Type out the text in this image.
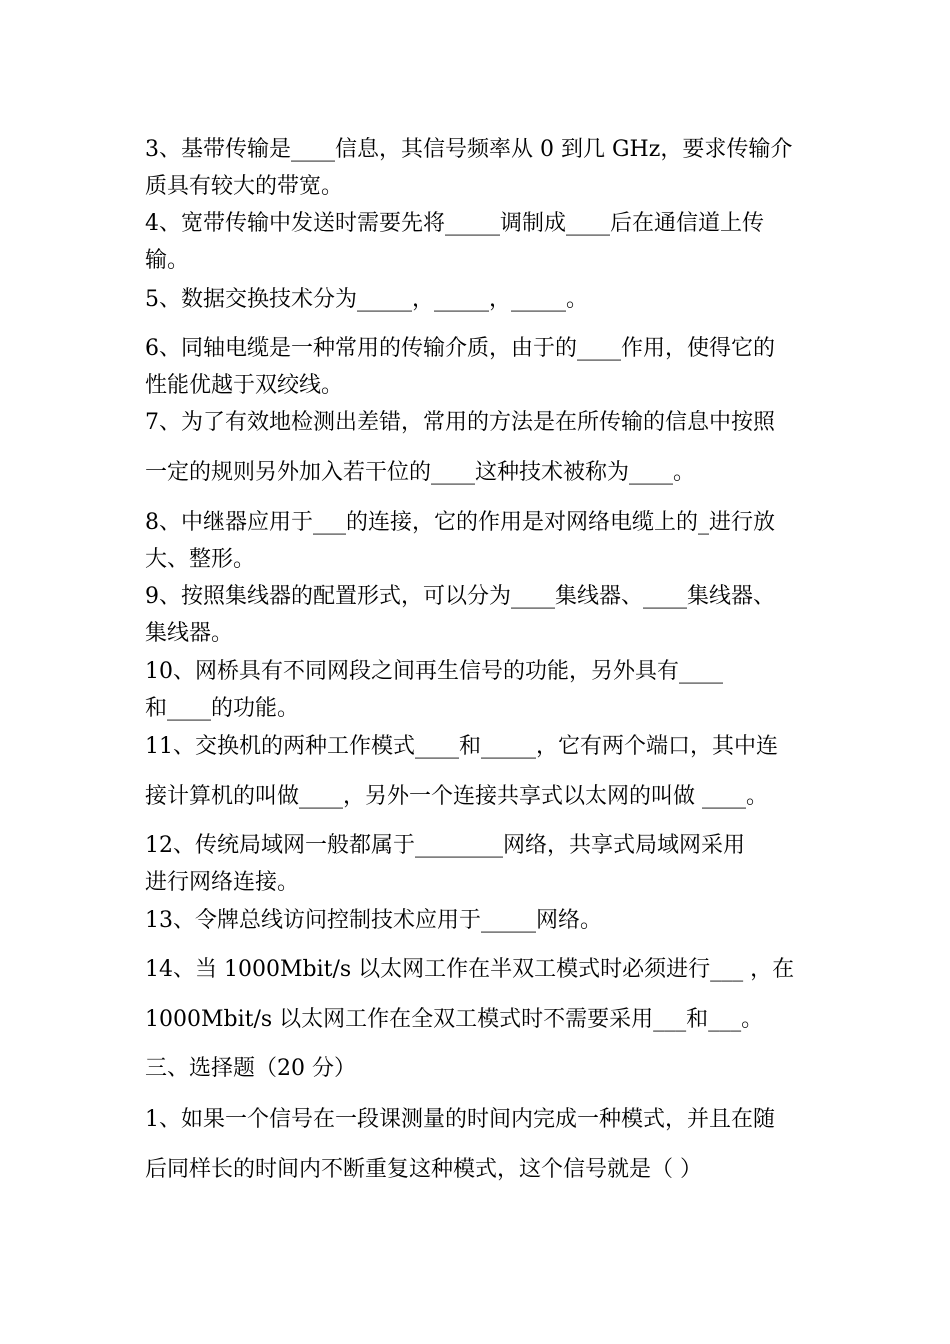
3、基带传输是____信息，其信号频率从 0 到几 GHz，要求传输介
质具有较大的带宽。
4、宽带传输中发送时需要先将_____调制成____后在通信道上传
输。
5、数据交换技术分为_____，_____，_____。
6、同轴电缆是一种常用的传输介质，由于的____作用，使得它的
性能优越于双绞线。
7、为了有效地检测出差错，常用的方法是在所传输的信息中按照
一定的规则另外加入若干位的____这种技术被称为____。
8、中继器应用于___的连接，它的作用是对网络电缆上的_进行放
大、整形。
9、按照集线器的配置形式，可以分为____集线器、____集线器、
集线器。
10、网桥具有不同网段之间再生信号的功能，另外具有____
和____的功能。
11、交换机的两种工作模式____和_____，它有两个端口，其中连
接计算机的叫做____，另外一个连接共享式以太网的叫做 ____。
12、传统局域网一般都属于________网络，共享式局域网采用
进行网络连接。
13、令牌总线访问控制技术应用于_____网络。
14、当 1000Mbit/s 以太网工作在半双工模式时必须进行___ ，在
1000Mbit/s 以太网工作在全双工模式时不需要采用___和___。
三、选择题（20 分）
1、如果一个信号在一段课测量的时间内完成一种模式，并且在随
后同样长的时间内不断重复这种模式，这个信号就是（ ）
